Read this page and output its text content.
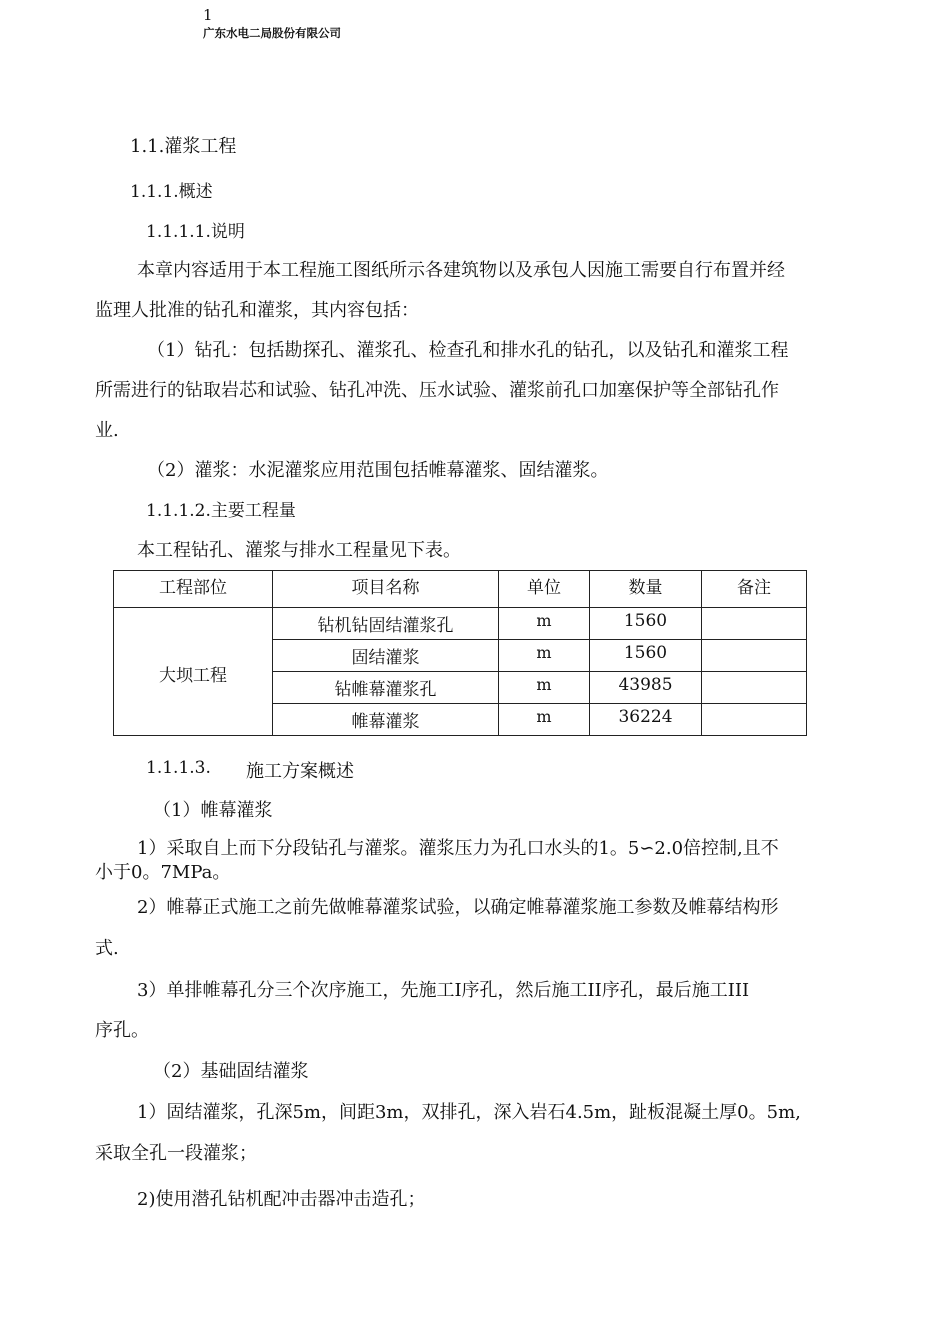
1
广东水电二局股份有限公司
1.1.灌浆工程
1.1.1.概述
1.1.1.1.说明
本章内容适用于本工程施工图纸所示各建筑物以及承包人因施工需要自行布置并经
监理人批准的钻孔和灌浆，其内容包括：
（1）钻孔：包括勘探孔、灌浆孔、检查孔和排水孔的钻孔，以及钻孔和灌浆工程
所需进行的钻取岩芯和试验、钻孔冲洗、压水试验、灌浆前孔口加塞保护等全部钻孔作
业.
（2）灌浆：水泥灌浆应用范围包括帷幕灌浆、固结灌浆。
1.1.1.2.主要工程量
本工程钻孔、灌浆与排水工程量见下表。
工程部位	项目名称	单位	数量	备注
大坝工程	钻机钻固结灌浆孔	m	1560	
	固结灌浆	m	1560	
	钻帷幕灌浆孔	m	43985	
	帷幕灌浆	m	36224	
1.1.1.3. 施工方案概述
（1）帷幕灌浆
1）采取自上而下分段钻孔与灌浆。灌浆压力为孔口水头的1。5∽2.0倍控制,且不
小于0。7MPa。
2）帷幕正式施工之前先做帷幕灌浆试验，以确定帷幕灌浆施工参数及帷幕结构形
式.
3）单排帷幕孔分三个次序施工，先施工I序孔，然后施工II序孔，最后施工III
序孔。
（2）基础固结灌浆
1）固结灌浆，孔深5m，间距3m，双排孔，深入岩石4.5m，趾板混凝土厚0。5m,
采取全孔一段灌浆；
2)使用潜孔钻机配冲击器冲击造孔；
